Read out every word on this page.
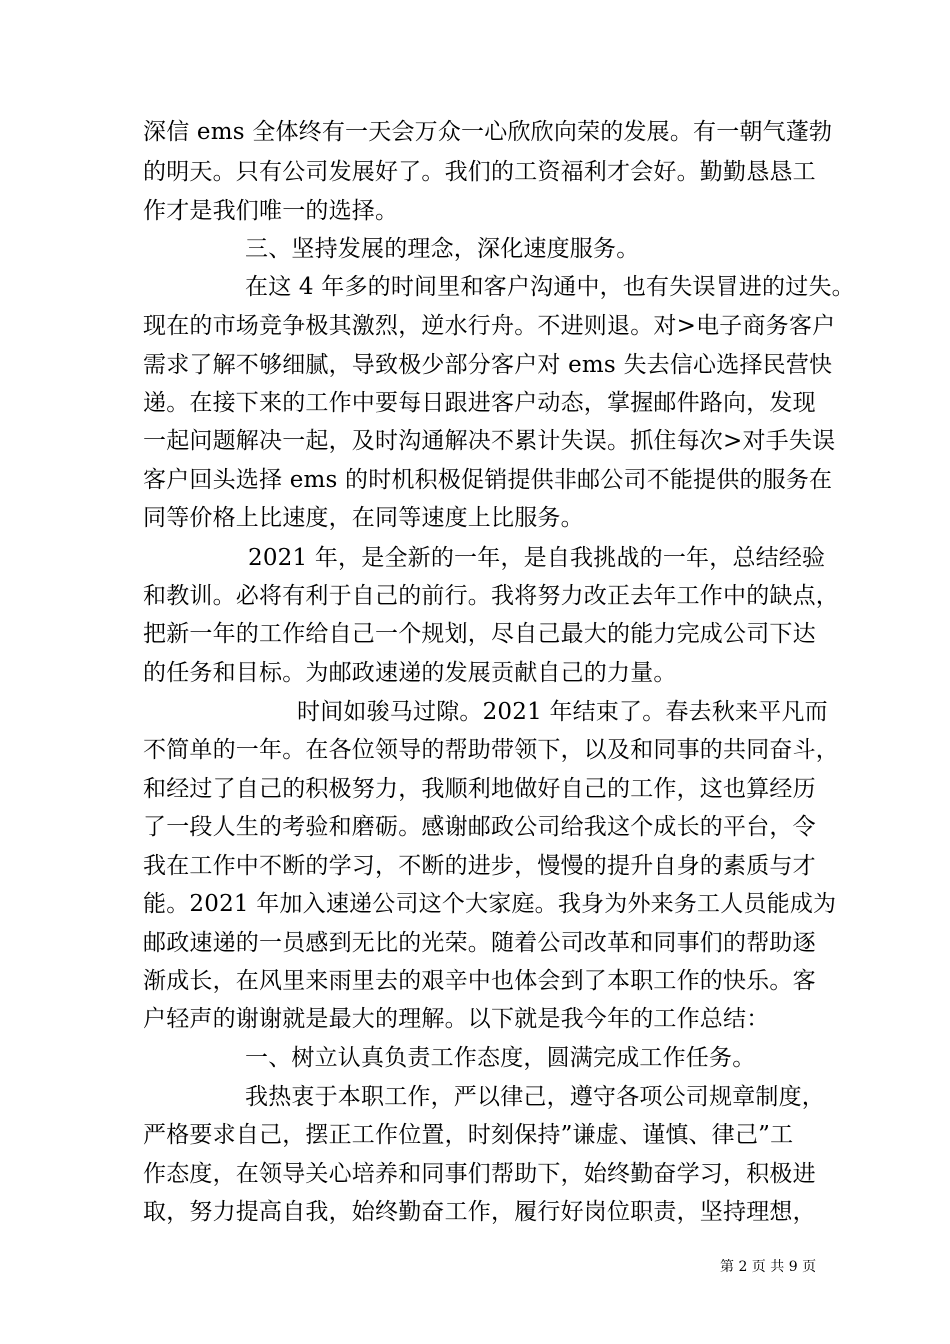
深信 ems 全体终有一天会万众一心欣欣向荣的发展。有一朝气蓬勃
的明天。只有公司发展好了。我们的工资福利才会好。勤勤恳恳工
作才是我们唯一的选择。
三、坚持发展的理念，深化速度服务。
在这 4 年多的时间里和客户沟通中，也有失误冒进的过失。
现在的市场竞争极其激烈，逆水行舟。不进则退。对>电子商务客户
需求了解不够细腻，导致极少部分客户对 ems 失去信心选择民营快
递。在接下来的工作中要每日跟进客户动态，掌握邮件路向，发现
一起问题解决一起，及时沟通解决不累计失误。抓住每次>对手失误
客户回头选择 ems 的时机积极促销提供非邮公司不能提供的服务在
同等价格上比速度，在同等速度上比服务。
2021 年，是全新的一年，是自我挑战的一年，总结经验
和教训。必将有利于自己的前行。我将努力改正去年工作中的缺点，
把新一年的工作给自己一个规划，尽自己最大的能力完成公司下达
的任务和目标。为邮政速递的发展贡献自己的力量。
时间如骏马过隙。2021 年结束了。春去秋来平凡而
不简单的一年。在各位领导的帮助带领下，以及和同事的共同奋斗，
和经过了自己的积极努力，我顺利地做好自己的工作，这也算经历
了一段人生的考验和磨砺。感谢邮政公司给我这个成长的平台，令
我在工作中不断的学习，不断的进步，慢慢的提升自身的素质与才
能。2021 年加入速递公司这个大家庭。我身为外来务工人员能成为
邮政速递的一员感到无比的光荣。随着公司改革和同事们的帮助逐
渐成长，在风里来雨里去的艰辛中也体会到了本职工作的快乐。客
户轻声的谢谢就是最大的理解。以下就是我今年的工作总结：
一、树立认真负责工作态度，圆满完成工作任务。
我热衷于本职工作，严以律己，遵守各项公司规章制度，
严格要求自己，摆正工作位置，时刻保持”谦虚、谨慎、律己”工
作态度，在领导关心培养和同事们帮助下，始终勤奋学习，积极进
取，努力提高自我，始终勤奋工作，履行好岗位职责，坚持理想，
第 2 页 共 9 页
